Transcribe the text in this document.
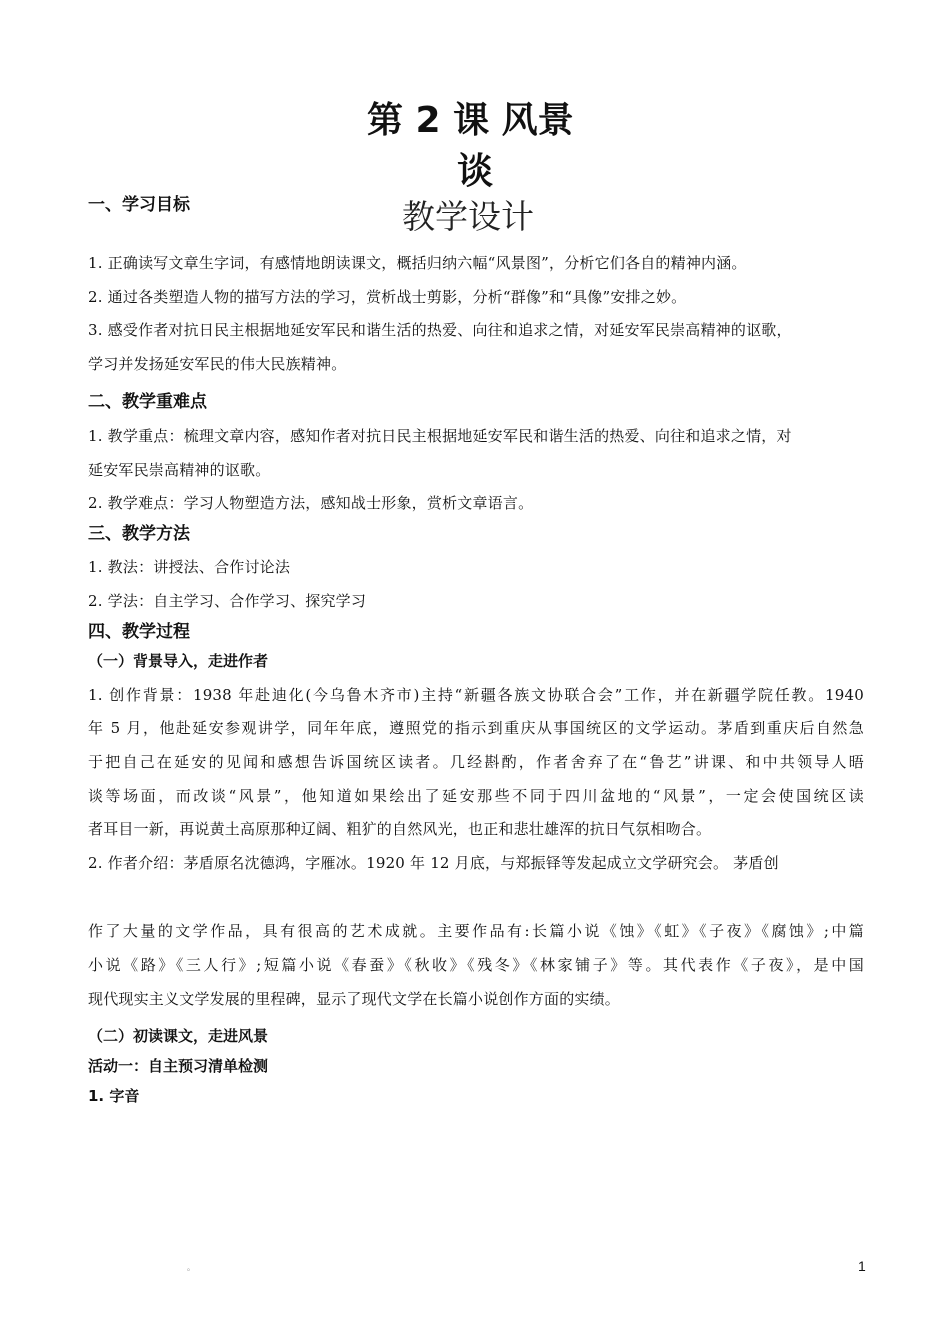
第 2 课 风景
谈
教学设计
一、学习目标
1. 正确读写文章生字词，有感情地朗读课文，概括归纳六幅“风景图”，分析它们各自的精神内涵。
2. 通过各类塑造人物的描写方法的学习，赏析战士剪影，分析“群像”和“具像”安排之妙。
3. 感受作者对抗日民主根据地延安军民和谐生活的热爱、向往和追求之情，对延安军民崇高精神的讴歌，
学习并发扬延安军民的伟大民族精神。
二、教学重难点
1. 教学重点：梳理文章内容，感知作者对抗日民主根据地延安军民和谐生活的热爱、向往和追求之情，对
延安军民崇高精神的讴歌。
2. 教学难点：学习人物塑造方法，感知战士形象，赏析文章语言。
三、教学方法
1. 教法：讲授法、合作讨论法
2. 学法：自主学习、合作学习、探究学习
四、教学过程
（一）背景导入，走进作者
1. 创作背景：1938 年赴迪化(今乌鲁木齐市)主持“新疆各族文协联合会”工作，并在新疆学院任教。1940
年 5 月，他赴延安参观讲学，同年年底，遵照党的指示到重庆从事国统区的文学运动。茅盾到重庆后自然急
于把自己在延安的见闻和感想告诉国统区读者。几经斟酌，作者舍弃了在“鲁艺”讲课、和中共领导人晤
谈等场面，而改谈“风景”，他知道如果绘出了延安那些不同于四川盆地的“风景”，一定会使国统区读
者耳目一新，再说黄土高原那种辽阔、粗犷的自然风光，也正和悲壮雄浑的抗日气氛相吻合。
2. 作者介绍：茅盾原名沈德鸿，字雁冰。1920 年 12 月底，与郑振铎等发起成立文学研究会。 茅盾创
作了大量的文学作品，具有很高的艺术成就。主要作品有:长篇小说《蚀》《虹》《子夜》《腐蚀》;中篇
小说《路》《三人行》;短篇小说《春蚕》《秋收》《残冬》《林家铺子》等。其代表作《子夜》，是中国
现代现实主义文学发展的里程碑，显示了现代文学在长篇小说创作方面的实绩。
（二）初读课文，走进风景
活动一：自主预习清单检测
1. 字音
。	1
